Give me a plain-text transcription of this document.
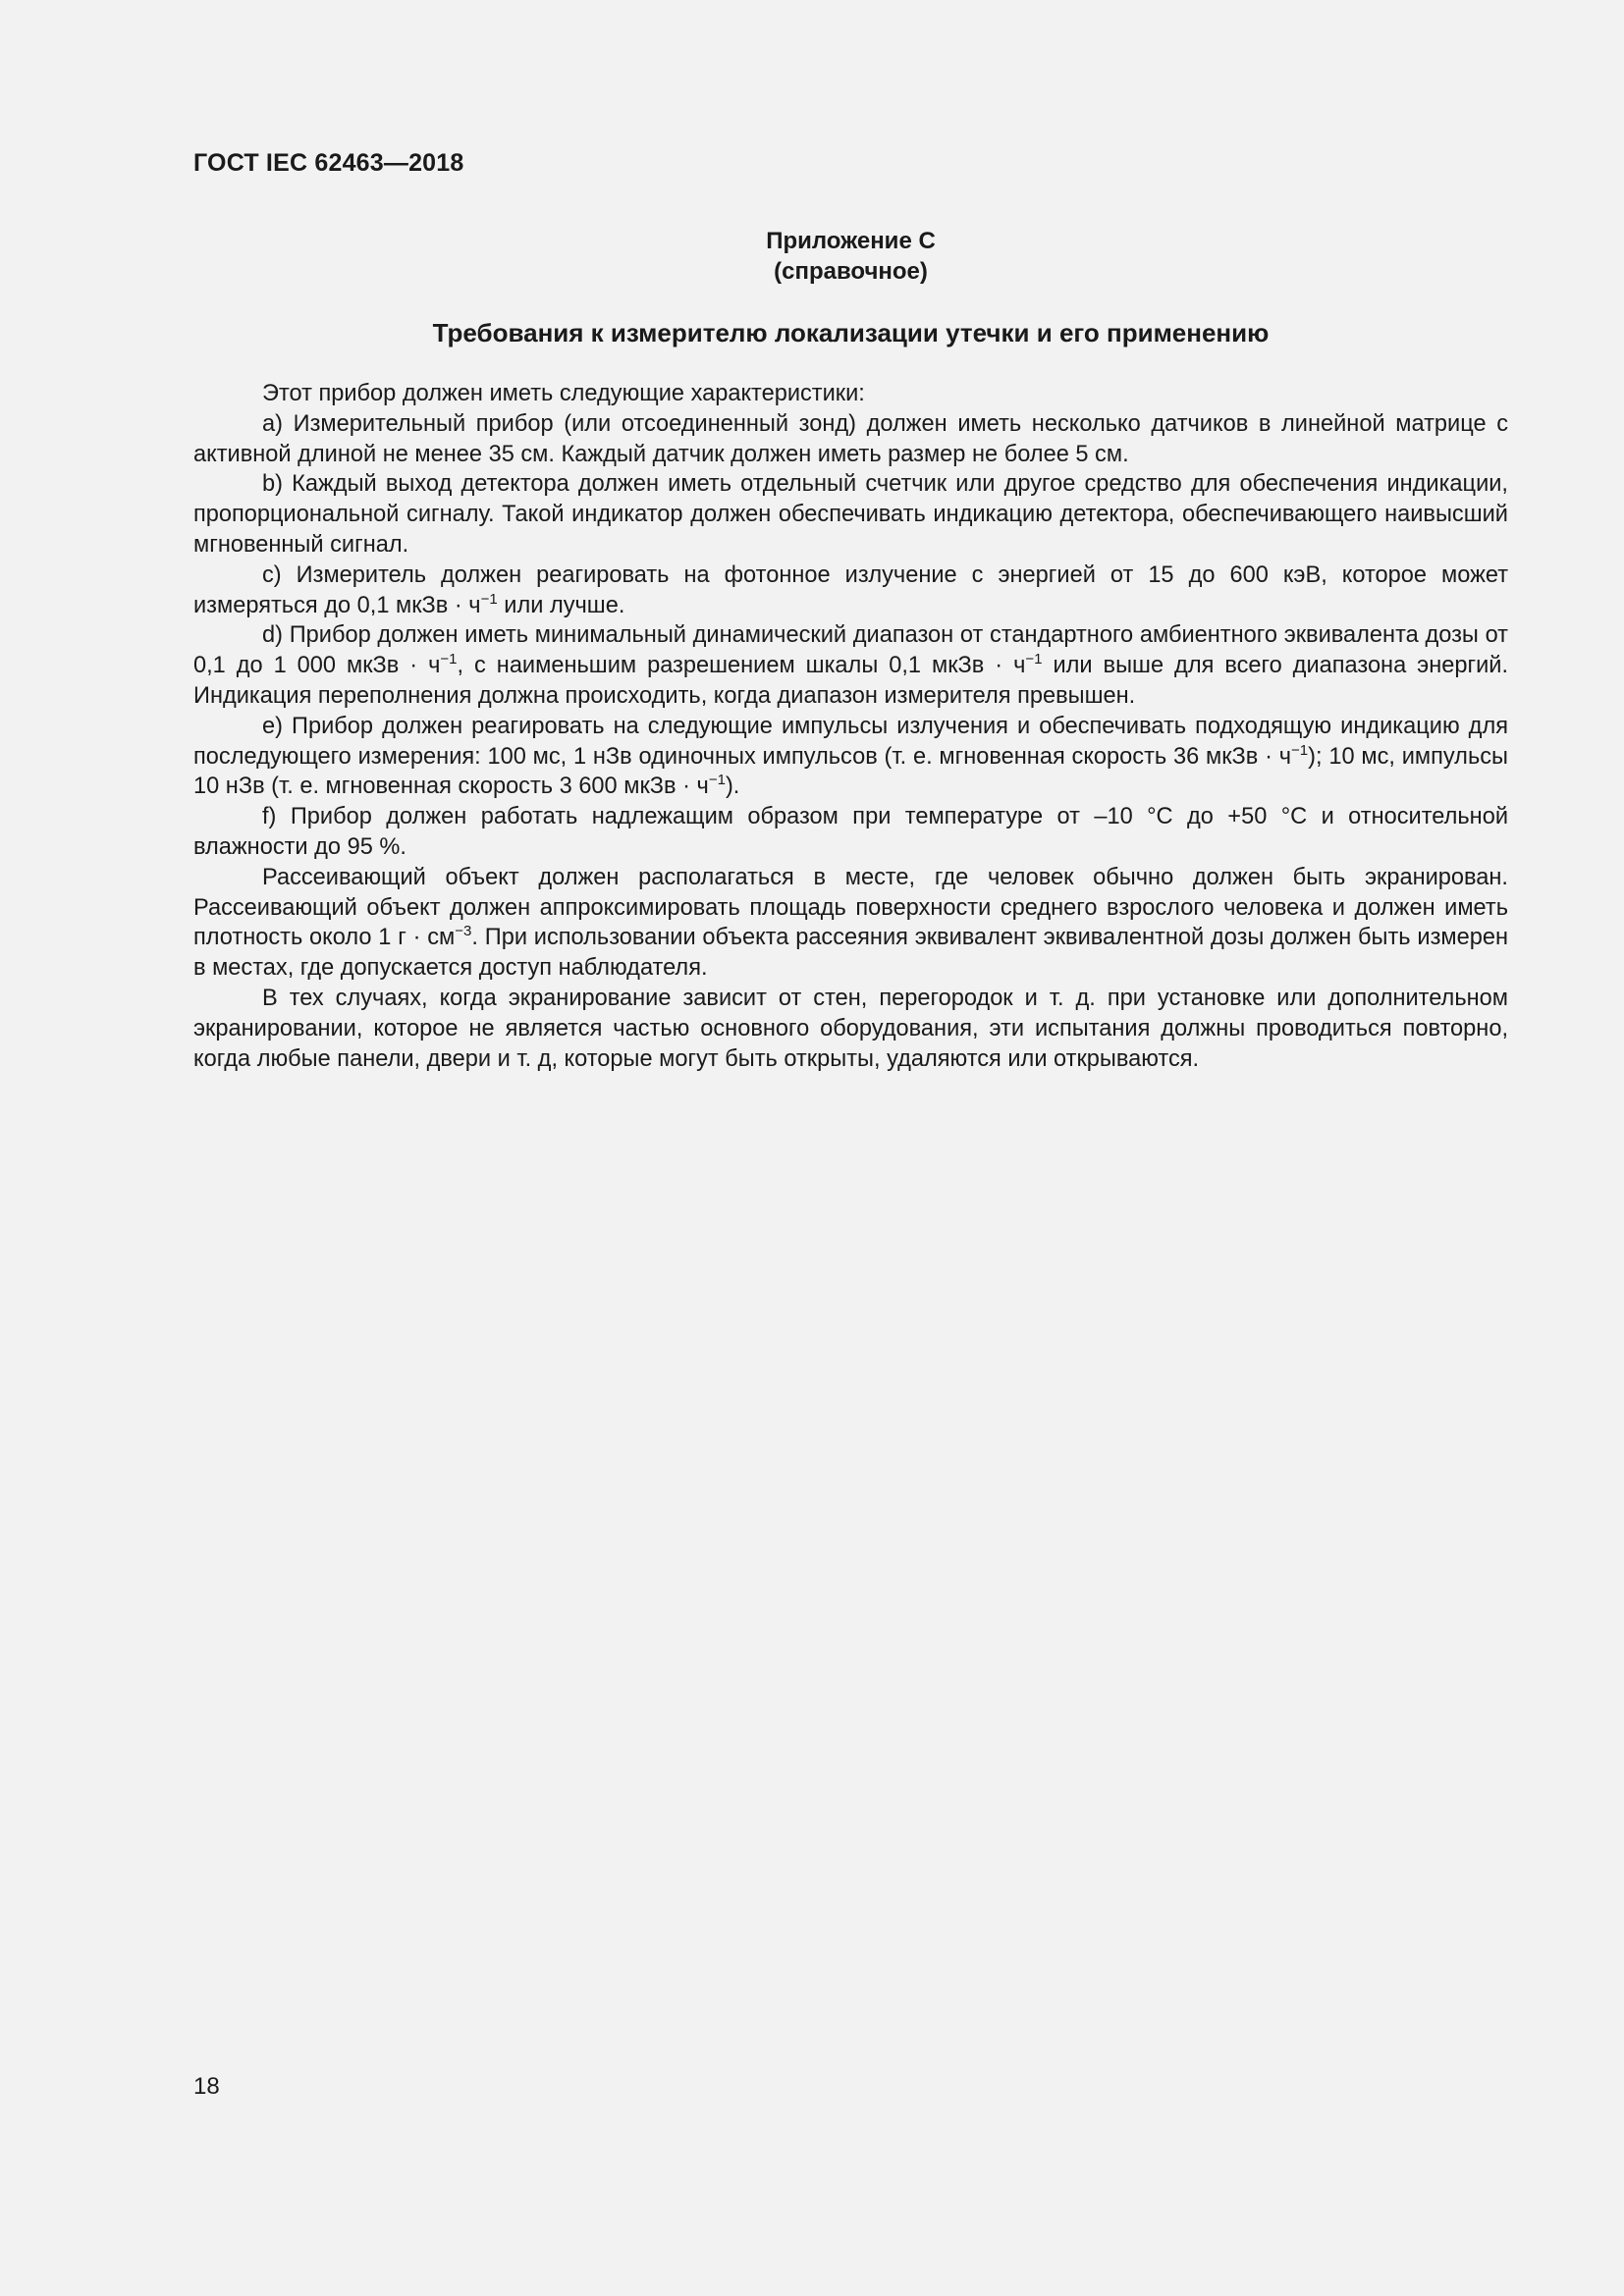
ГОСТ IEC 62463—2018
Приложение С
(справочное)
Требования к измерителю локализации утечки и его применению

Этот прибор должен иметь следующие характеристики:

а) Измерительный прибор (или отсоединенный зонд) должен иметь несколько датчиков в линейной матрице с активной длиной не менее 35 см. Каждый датчик должен иметь размер не более 5 см.

b) Каждый выход детектора должен иметь отдельный счетчик или другое средство для обеспечения индикации, пропорциональной сигналу. Такой индикатор должен обеспечивать индикацию детектора, обеспечивающего наивысший мгновенный сигнал.

с) Измеритель должен реагировать на фотонное излучение с энергией от 15 до 600 кэВ, которое может измеряться до 0,1 мкЗв · $ч^{-1}$ или лучше.

d) Прибор должен иметь минимальный динамический диапазон от стандартного амбиентного эквивалента дозы от 0,1 до 1 000 мкЗв · $ч^{-1}$, с наименьшим разрешением шкалы 0,1 мкЗв · $ч^{-1}$ или выше для всего диапазона энергий. Индикация переполнения должна происходить, когда диапазон измерителя превышен.

е) Прибор должен реагировать на следующие импульсы излучения и обеспечивать подходящую индикацию для последующего измерения: 100 мс, 1 нЗв одиночных импульсов (т. е. мгновенная скорость 36 мкЗв · $ч^{-1}$); 10 мс, импульсы 10 нЗв (т. е. мгновенная скорость 3 600 мкЗв · $ч^{-1}$).

f) Прибор должен работать надлежащим образом при температуре от –10 °С до +50 °С и относительной влажности до 95 %.

Рассеивающий объект должен располагаться в месте, где человек обычно должен быть экранирован. Рассеивающий объект должен аппроксимировать площадь поверхности среднего взрослого человека и должен иметь плотность около 1 $г \cdot см^{-3}$. При использовании объекта рассеяния эквивалент эквивалентной дозы должен быть измерен в местах, где допускается доступ наблюдателя.

В тех случаях, когда экранирование зависит от стен, перегородок и т. д. при установке или дополнительном экранировании, которое не является частью основного оборудования, эти испытания должны проводиться повторно, когда любые панели, двери и т. д, которые могут быть открыты, удаляются или открываются.

18
